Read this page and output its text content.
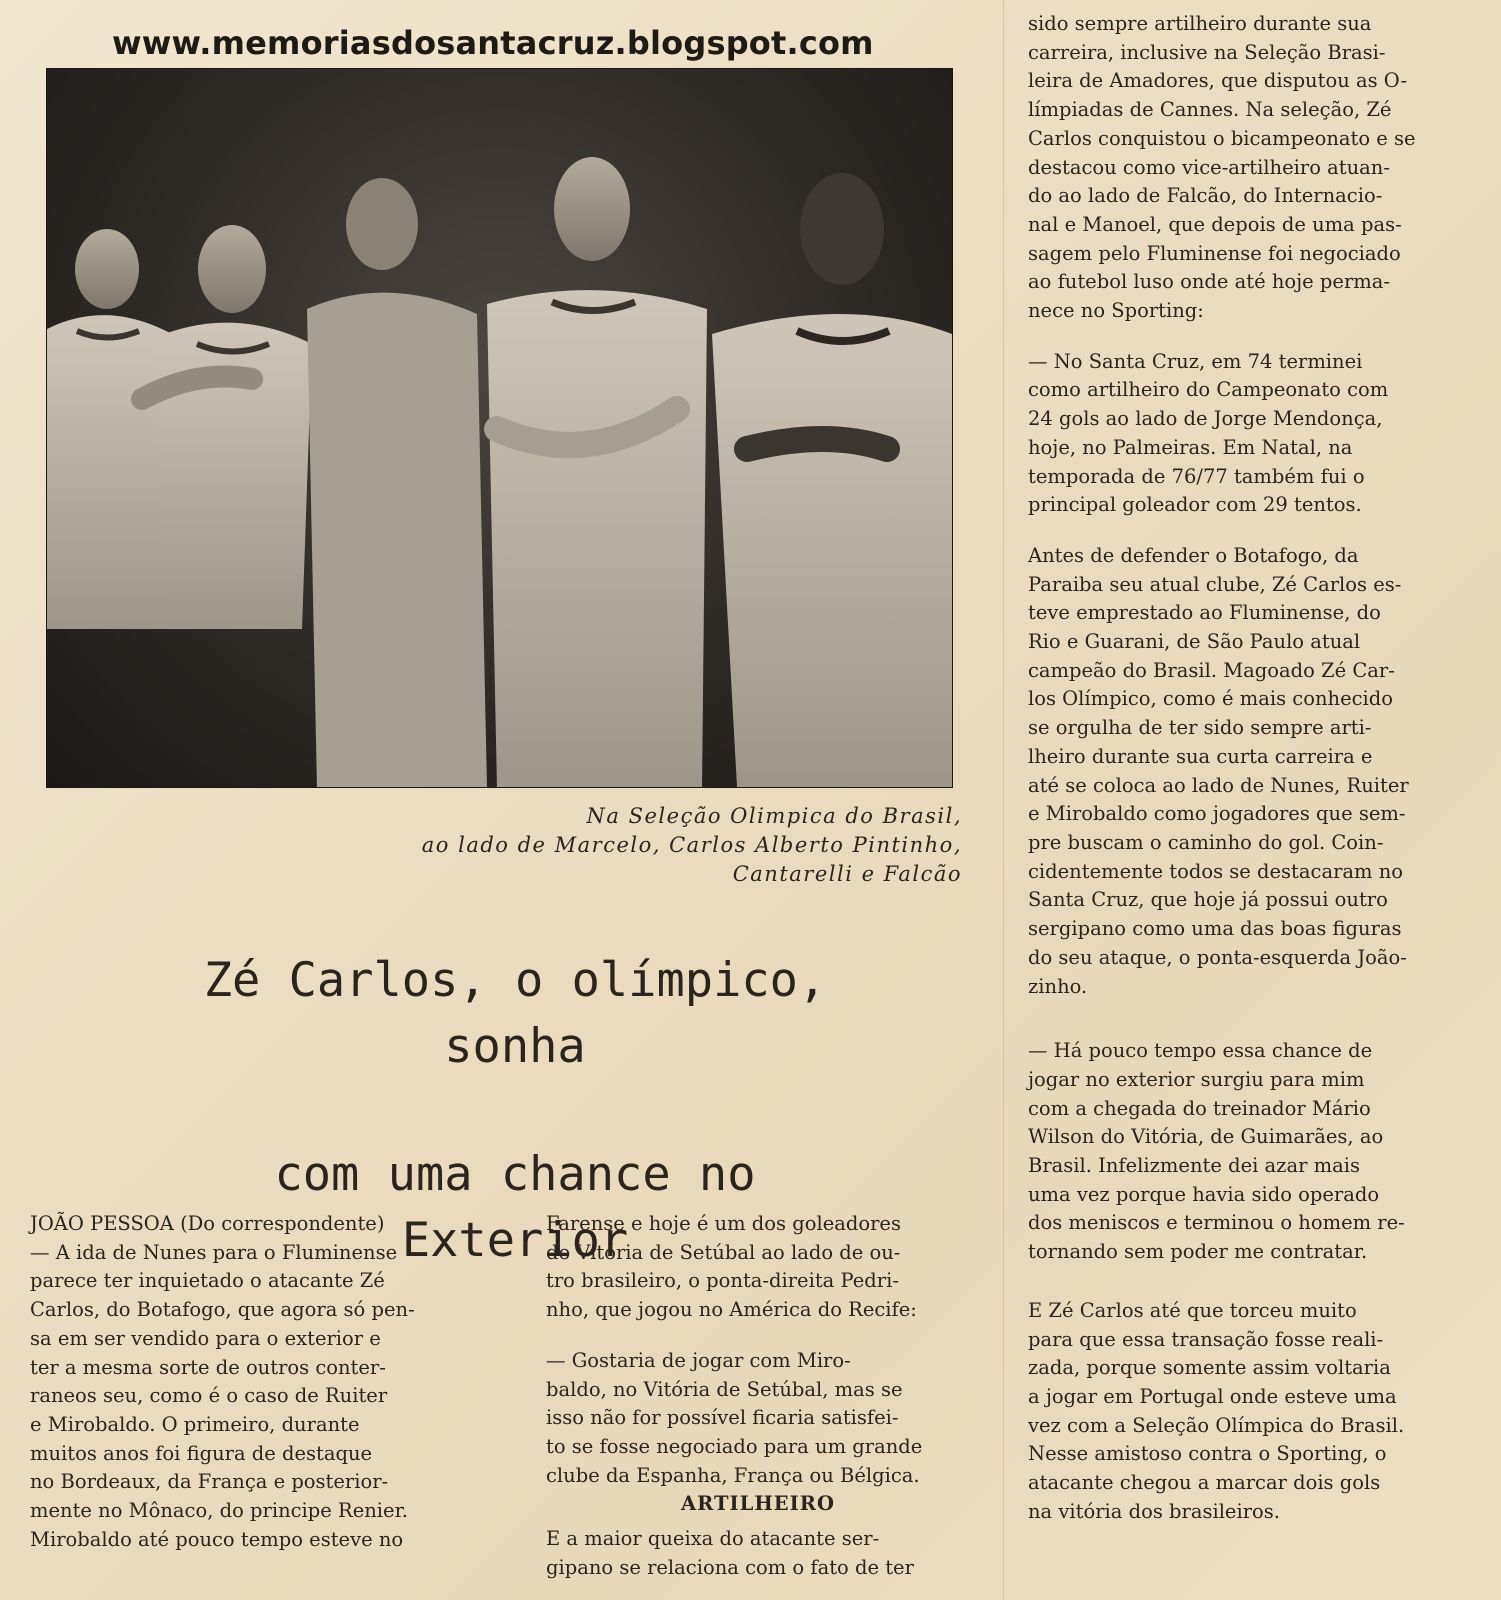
www.memoriasdosantacruz.blogspot.com
Na Seleção Olimpica do Brasil,
ao lado de Marcelo, Carlos Alberto Pintinho,
Cantarelli e Falcão
Zé Carlos, o olímpico, sonha
com uma chance no Exterior

JOÃO PESSOA (Do correspondente)

— A ida de Nunes para o Fluminense

parece ter inquietado o atacante Zé

Carlos, do Botafogo, que agora só pen-

sa em ser vendido para o exterior e

ter a mesma sorte de outros conter-

raneos seu, como é o caso de Ruiter

e Mirobaldo. O primeiro, durante

muitos anos foi figura de destaque

no Bordeaux, da França e posterior-

mente no Mônaco, do principe Renier.

Mirobaldo até pouco tempo esteve no

Farense e hoje é um dos goleadores

do Vitória de Setúbal ao lado de ou-

tro brasileiro, o ponta-direita Pedri-

nho, que jogou no América do Recife:

— Gostaria de jogar com Miro-

baldo, no Vitória de Setúbal, mas se

isso não for possível ficaria satisfei-

to se fosse negociado para um grande

clube da Espanha, França ou Bélgica.

ARTILHEIRO

E a maior queixa do atacante ser-

gipano se relaciona com o fato de ter

sido sempre artilheiro durante sua

carreira, inclusive na Seleção Brasi-

leira de Amadores, que disputou as O-

límpiadas de Cannes. Na seleção, Zé

Carlos conquistou o bicampeonato e se

destacou como vice-artilheiro atuan-

do ao lado de Falcão, do Internacio-

nal e Manoel, que depois de uma pas-

sagem pelo Fluminense foi negociado

ao futebol luso onde até hoje perma-

nece no Sporting:

— No Santa Cruz, em 74 terminei

como artilheiro do Campeonato com

24 gols ao lado de Jorge Mendonça,

hoje, no Palmeiras. Em Natal, na

temporada de 76/77 também fui o

principal goleador com 29 tentos.

Antes de defender o Botafogo, da

Paraiba seu atual clube, Zé Carlos es-

teve emprestado ao Fluminense, do

Rio e Guarani, de São Paulo atual

campeão do Brasil. Magoado Zé Car-

los Olímpico, como é mais conhecido

se orgulha de ter sido sempre arti-

lheiro durante sua curta carreira e

até se coloca ao lado de Nunes, Ruiter

e Mirobaldo como jogadores que sem-

pre buscam o caminho do gol. Coin-

cidentemente todos se destacaram no

Santa Cruz, que hoje já possui outro

sergipano como uma das boas figuras

do seu ataque, o ponta-esquerda João-

zinho.

— Há pouco tempo essa chance de

jogar no exterior surgiu para mim

com a chegada do treinador Mário

Wilson do Vitória, de Guimarães, ao

Brasil. Infelizmente dei azar mais

uma vez porque havia sido operado

dos meniscos e terminou o homem re-

tornando sem poder me contratar.

E Zé Carlos até que torceu muito

para que essa transação fosse reali-

zada, porque somente assim voltaria

a jogar em Portugal onde esteve uma

vez com a Seleção Olímpica do Brasil.

Nesse amistoso contra o Sporting, o

atacante chegou a marcar dois gols

na vitória dos brasileiros.
